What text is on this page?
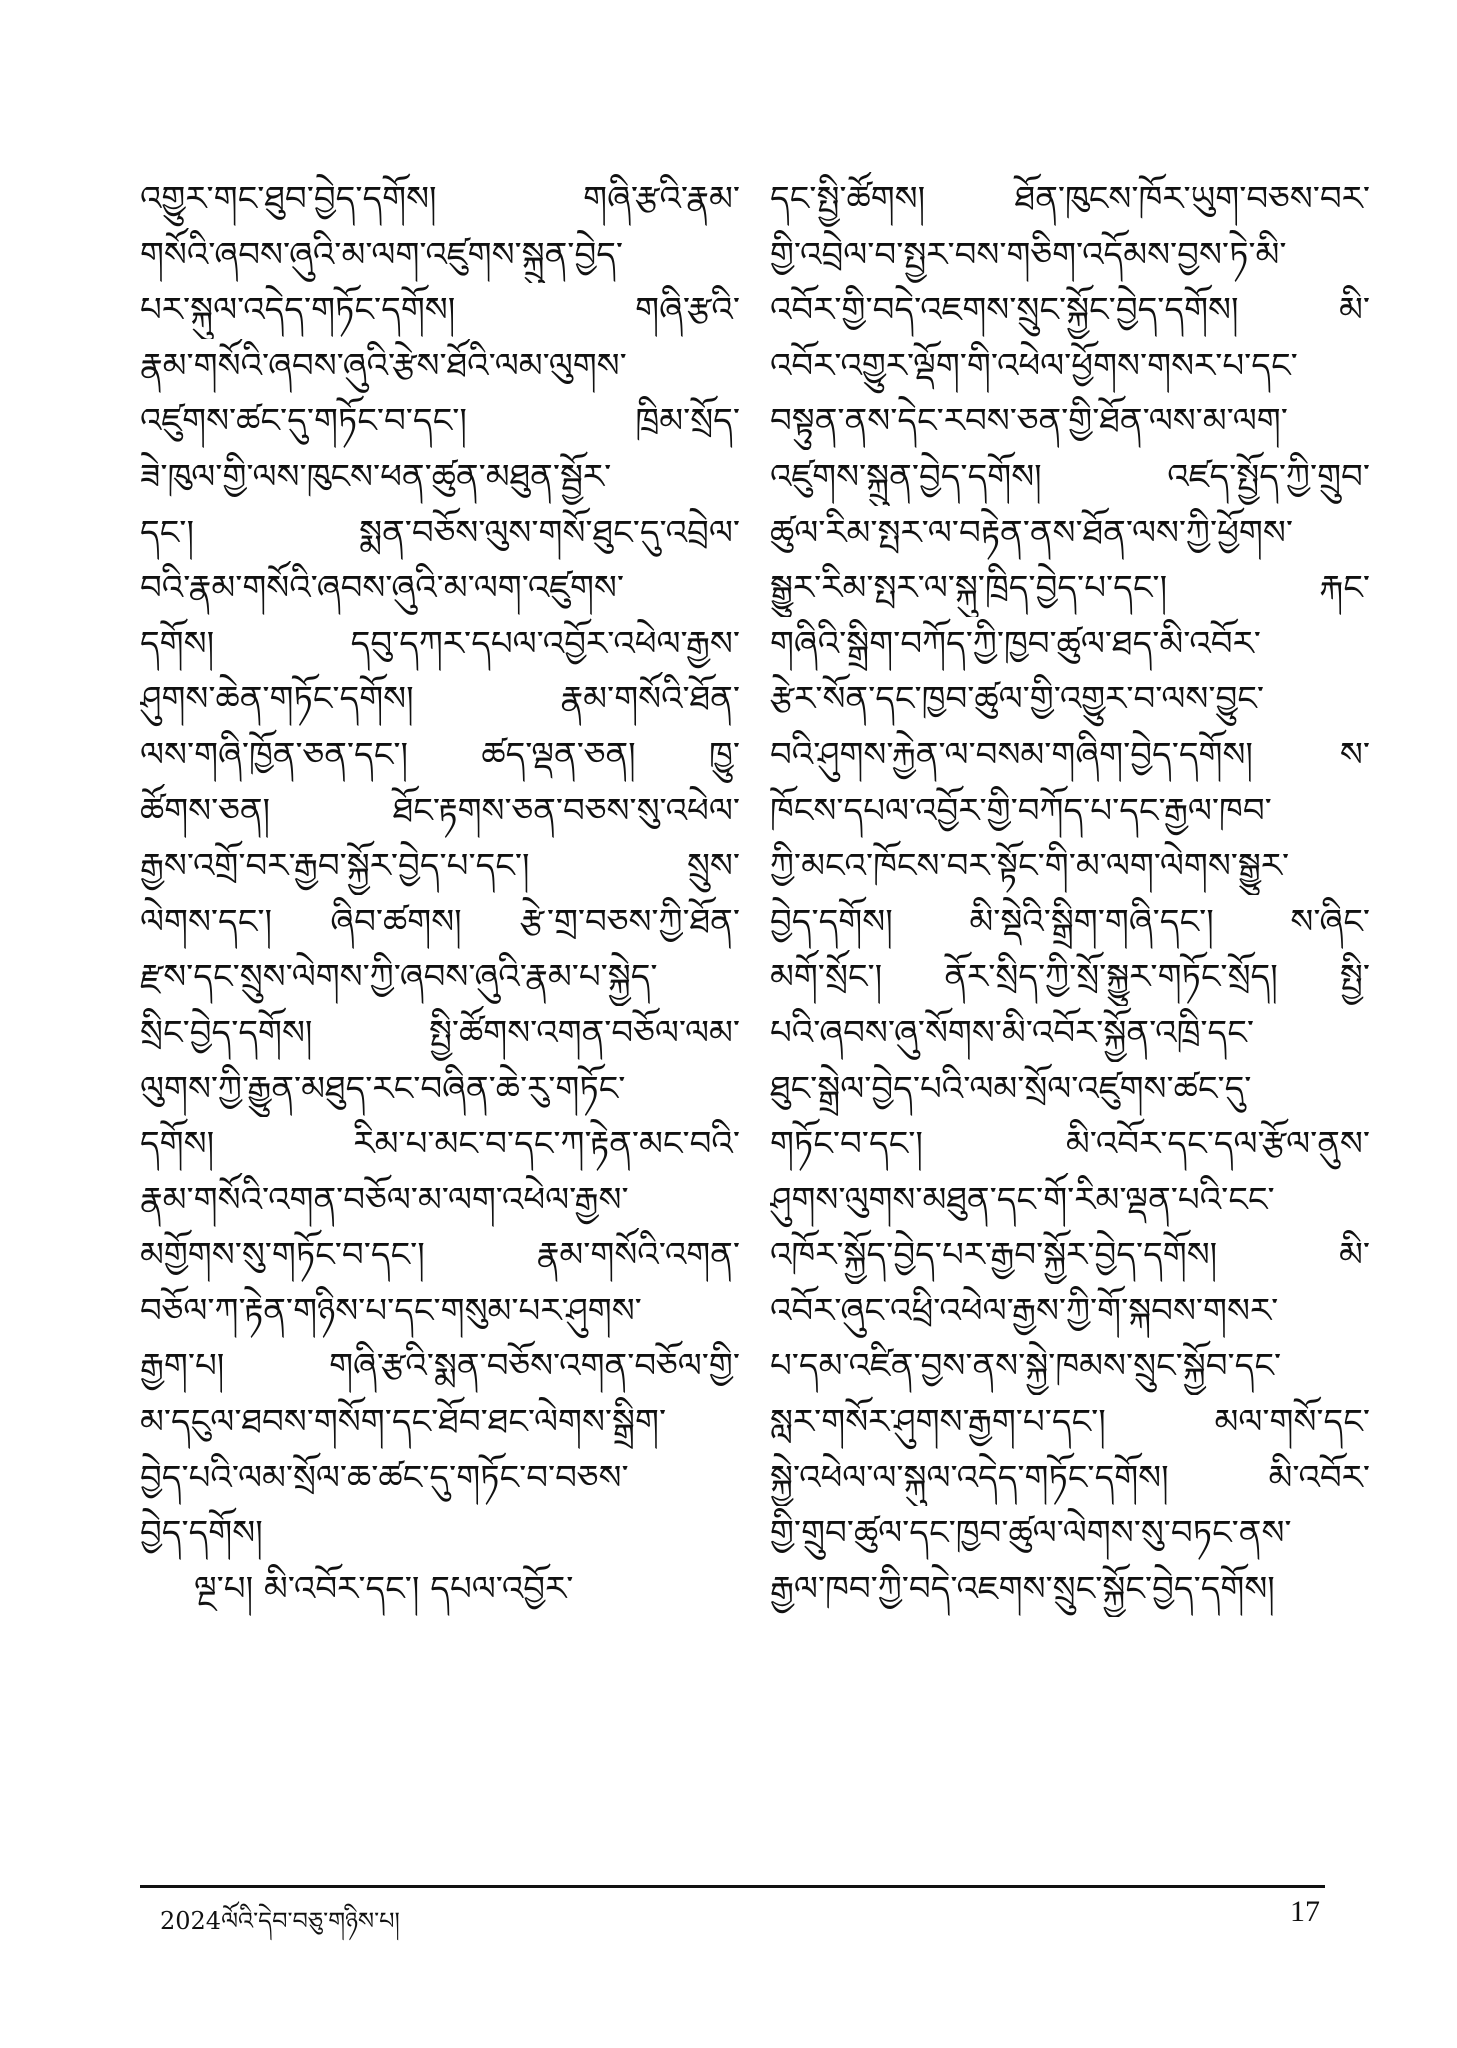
འགྱུར་གང་ཐུབ་བྱེད་དགོས། གཞི་རྩའི་རྣམ་
གསོའི་ཞབས་ཞུའི་མ་ལག་འཛུགས་སྐྲུན་བྱེད་
པར་སྐུལ་འདེད་གཏོང་དགོས། གཞི་རྩའི་
རྣམ་གསོའི་ཞབས་ཞུའི་རྩེས་ཐོའི་ལམ་ལུགས་
འཛུགས་ཚང་དུ་གཏོང་བ་དང་། ཁྲིམ་སྲོད་
ཟེ་ཁུལ་གྱི་ལས་ཁུངས་ཕན་ཚུན་མཐུན་སྦྱོར་
དང་། སྨན་བཅོས་ལུས་གསོ་ཐུང་དུ་འབྲེལ་
བའི་རྣམ་གསོའི་ཞབས་ཞུའི་མ་ལག་འཛུགས་
དགོས། དབུ་དཀར་དཔལ་འབྱོར་འཕེལ་རྒྱས་
ཤུགས་ཆེན་གཏོང་དགོས། རྣམ་གསོའི་ཐོན་
ལས་གཞི་ཁྱོན་ཅན་དང་། ཚད་ལྡན་ཅན། ཁྱུ་
ཚོགས་ཅན། ཐོང་རྟགས་ཅན་བཅས་སུ་འཕེལ་
རྒྱས་འགྲོ་བར་རྒྱབ་སྐྱོར་བྱེད་པ་དང་། སྲུས་
ལེགས་དང་། ཞིབ་ཚགས། རྩེ་གྲ་བཅས་ཀྱི་ཐོན་
རྫས་དང་སྲུས་ལེགས་ཀྱི་ཞབས་ཞུའི་རྣམ་པ་སྐྱེད་
སྲིང་བྱེད་དགོས། སྤྱི་ཚོགས་འགན་བཅོལ་ལམ་
ལུགས་ཀྱི་རྒྱུན་མཐུད་རང་བཞིན་ཆེ་རུ་གཏོང་
དགོས། རིམ་པ་མང་བ་དང་ཀ་རྟེན་མང་བའི་
རྣམ་གསོའི་འགན་བཅོལ་མ་ལག་འཕེལ་རྒྱས་
མགྱོགས་སུ་གཏོང་བ་དང་། རྣམ་གསོའི་འགན་
བཅོལ་ཀ་རྟེན་གཉིས་པ་དང་གསུམ་པར་ཤུགས་
རྒྱག་པ། གཞི་རྩའི་སྨན་བཅོས་འགན་བཅོལ་གྱི་
མ་དངུལ་ཐབས་གསོག་དང་ཐོབ་ཐང་ལེགས་སྒྲིག་
བྱེད་པའི་ལམ་སྲོལ་ཆ་ཚང་དུ་གཏོང་བ་བཅས་
བྱེད་དགོས།
ལྔ་པ། མི་འབོར་དང་། དཔལ་འབྱོར་
དང་སྤྱི་ཚོགས། ཐོན་ཁུངས་ཁོར་ཡུག་བཅས་བར་
གྱི་འབྲེལ་བ་སྤྱར་བས་གཅིག་འདོམས་བྱས་ཏེ་མི་
འབོར་གྱི་བདེ་འཇགས་སྲུང་སྐྱོང་བྱེད་དགོས། མི་
འབོར་འགྱུར་ལྡོག་གི་འཕེལ་ཕྱོགས་གསར་པ་དང་
བསྟུན་ནས་དེང་རབས་ཅན་གྱི་ཐོན་ལས་མ་ལག་
འཛུགས་སྐྲུན་བྱེད་དགོས། འཛད་སྤྱོད་ཀྱི་གྲུབ་
ཚུལ་རིམ་སྤར་ལ་བརྟེན་ནས་ཐོན་ལས་ཀྱི་ཕྱོགས་
སྒྱུར་རིམ་སྤར་ལ་སྐུ་ཁྲིད་བྱེད་པ་དང་། རྐང་
གཞིའི་སྒྲིག་བཀོད་ཀྱི་ཁྱབ་ཚུལ་ཐད་མི་འབོར་
རྩེར་སོན་དང་ཁྱབ་ཚུལ་གྱི་འགྱུར་བ་ལས་བྱུང་
བའི་ཤུགས་རྐྱེན་ལ་བསམ་གཞིག་བྱེད་དགོས། ས་
ཁོངས་དཔལ་འབྱོར་གྱི་བཀོད་པ་དང་རྒྱལ་ཁབ་
ཀྱི་མངའ་ཁོངས་བར་སྟོང་གི་མ་ལག་ལེགས་སྒྱུར་
བྱེད་དགོས། མི་སྡེའི་སྒྲིག་གཞི་དང་། ས་ཞིང་
མགོ་སྲོང་། ནོར་སྲིད་ཀྱི་སྲོ་སྐྱུར་གཏོང་སྲོད། སྤྱི་
པའི་ཞབས་ཞུ་སོགས་མི་འབོར་སྐྱོན་འཁྲི་དང་
ཐུང་སྒྲེལ་བྱེད་པའི་ལམ་སྲོལ་འཛུགས་ཚང་དུ་
གཏོང་བ་དང་། མི་འབོར་དང་དལ་རྩོལ་ནུས་
ཤུགས་ལུགས་མཐུན་དང་གོ་རིམ་ལྡན་པའི་ངང་
འཁོར་སྐྱོད་བྱེད་པར་རྒྱབ་སྐྱོར་བྱེད་དགོས། མི་
འབོར་ཞུང་འཕྲི་འཕེལ་རྒྱས་ཀྱི་གོ་སྐབས་གསར་
པ་དམ་འཛིན་བྱས་ནས་སྐྱེ་ཁམས་སྲུང་སྐྱོབ་དང་
སླར་གསོར་ཤུགས་རྒྱག་པ་དང་། མལ་གསོ་དང་
སྐྱེ་འཕེལ་ལ་སྐུལ་འདེད་གཏོང་དགོས། མི་འབོར་
གྱི་གྲུབ་ཚུལ་དང་ཁྱབ་ཚུལ་ལེགས་སུ་བཏང་ནས་
རྒྱལ་ཁབ་ཀྱི་བདེ་འཇགས་སྲུང་སྐྱོང་བྱེད་དགོས།
2024ལོའི་དེབ་བཅུ་གཉིས་པ།	17
